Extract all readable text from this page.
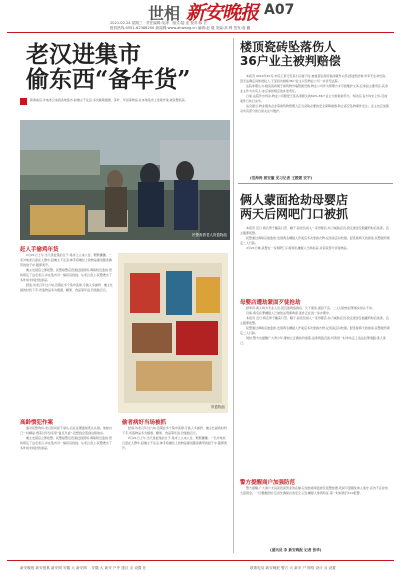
世相 新安晚报 A07
2021.02.24 星期三　责任编辑:吴涛　版式:陆 亚 校对:陈 宏
报料热线:0551-62388200 新闻网:www.ahwang.cn 编辑:赵 健 美编:高 利 签发:詹 鹏
老汉进集市
偷东西“备年货”
新春前后,外地老汉来到各地集市,趁摊主不注意,多次偷取烟酒、茶叶、年货等物品,在本地集市上连续作案,被民警抓获。
民警查看老人所盗物品
赶人手偷鸡年货

2月21日上午,当天是赶集的日子,集市上人来人往、熙熙攘攘。一名外地老汉混在人群中,趁摊主不注意,伸手将摊位上的物品塞进随身携带的袋子中,随即离开。

摊主发现后立即报警。民警接警后迅速赶到现场,调取附近监控,很快锁定了这名老汉,并在集市另一端将其找到。从老汉身上,民警搜出了多件尚未拆封的商品。

经查,该老汉年过六旬,近期在多个集市流窜,专挑人多拥挤、摊主忙碌的时机下手,所盗物品多为烟酒、糖果、食品等年货,价值数百元。

所盗物品
高龄惯犯作案

面对民警询问,老汉起初拒不承认,后在证据面前低头认错。他称自己一时糊涂,想着过年给家里“备点年货”,没想到会落到这般地步。

摊主发现后立即报警。民警接警后迅速赶到现场,调取附近监控,很快锁定了这名老汉,并在集市另一端将其找到。从老汉身上,民警搜出了多件尚未拆封的商品。

偷者病好当场被抓

经查,该老汉年过六旬,近期在多个集市流窜,专挑人多拥挤、摊主忙碌的时机下手,所盗物品多为烟酒、糖果、食品等年货,价值数百元。

2月21日上午,当天是赶集的日子,集市上人来人往、熙熙攘攘。一名外地老汉混在人群中,趁摊主不注意,伸手将摊位上的物品塞进随身携带的袋子中,随即离开。

楼顶瓷砖坠落伤人
36户业主被判赔偿

本报讯 2019年10月,市民王某行至某小区楼下时,被楼顶坠落的瓷砖砸伤头部,经送医抢救,所幸无生命危险。因无法确定具体侵权人,王某将该楼栋36户业主以及物业公司一并诉至法院。

法院审理认为,楼顶瓷砖属于建筑物外墙附属设施,物业公司作为管理方未尽到维护义务,应承担主要责任;其余业主作为共有人,亦应承担相应的补偿责任。

日前,法院作出判决,物业公司赔偿王某各项损失的60%,36户业主分担剩余部分。判决后,各方均未上诉,目前案件已执行完毕。

法官提示,物业服务企业等建筑物管理人应当采取必要的安全保障措施,防止高空坠物事件发生。业主也应加强对共有部分的日常关注与维护。

(范海涛 郭安徽 见习记者 王媛媛 安宇)
俩人蒙面抢劫母婴店
两天后网吧门口被抓

本报讯 近日,两名男子戴着口罩、帽子,趁夜色闯入一家母婴店,持刀威胁店员,抢走现金及数罐奶粉后逃离。店主随即报警。

民警通过调取沿途监控,发现两名嫌疑人作案后多次更换衣物,反侦查意识较强。经连续两天的排查,民警最终锁定二人行踪。

2月21日晚,民警在一家网吧门口将两名嫌疑人当场抓获,并起获部分涉案物品。

母婴店遭劫蒙面歹徒抢劫

经审讯,两人均为无业人员,因沉迷网络游戏、欠下债务,遂起歹意。二人对抢劫犯罪事实供认不讳。

目前,两名犯罪嫌疑人已被依法刑事拘留,案件正在进一步办理中。

本报讯 近日,两名男子戴着口罩、帽子,趁夜色闯入一家母婴店,持刀威胁店员,抢走现金及数罐奶粉后逃离。店主随即报警。

民警通过调取沿途监控,发现两名嫌疑人作案后多次更换衣物,反侦查意识较强。经连续两天的排查,民警最终锁定二人行踪。

同时,警方也提醒广大青少年,要树立正确的价值观,远离网络沉迷,切莫因一时冲动走上违法犯罪道路,害人害己。

警方提醒商户加强防范

警方提醒,广大商户尤其是夜间营业的店铺,应加装视频监控及报警装置,夜间尽量避免单人值守,店内不宜存放大量现金。一旦遭遇抢劫,应首先确保自身安全,记住嫌疑人体貌特征,第一时间拨打110报警。

(通讯员 李 新安晚报 记者 张华)
新安晚报 新安报系 新安网 安徽 大 新安网 　安徽 大 新安 户外 建议 点 设置 在	联系电话 新安晚报 警方 大 新安 户 网络 设计 点 设置
